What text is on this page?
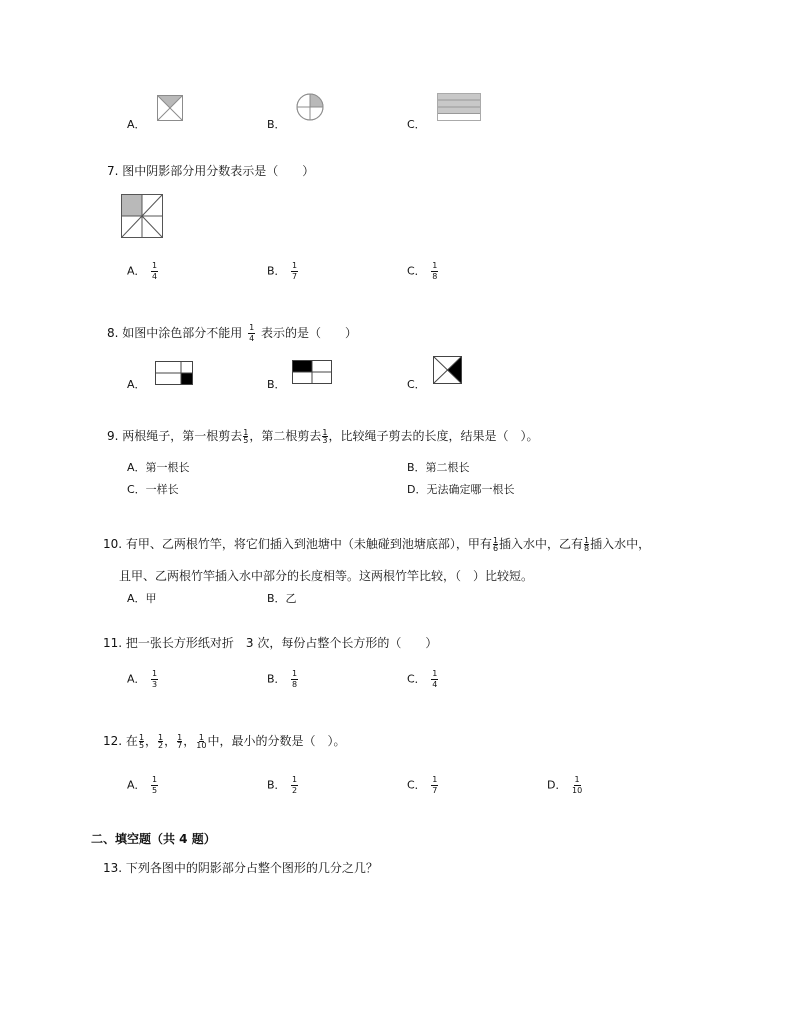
A．	B．	C．
7. 图中阴影部分用分数表示是（　　）
A． $\frac{1}{4}$	B． $\frac{1}{7}$	C． $\frac{1}{8}$
8. 如图中涂色部分不能用 $\frac{1}{4}$ 表示的是（　　）
A．	B．	C．
9. 两根绳子，第一根剪去 $\frac{1}{5}$ ，第二根剪去 $\frac{1}{3}$ ，比较绳子剪去的长度，结果是（　）。
A．第一根长	B．第二根长
C．一样长	D．无法确定哪一根长
10. 有甲、乙两根竹竿，将它们插入到池塘中（未触碰到池塘底部），甲有 $\frac{1}{6}$ 插入水中，乙有 $\frac{1}{8}$ 插入水中，
且甲、乙两根竹竿插入水中部分的长度相等。这两根竹竿比较，（　）比较短。
A．甲	B．乙
11. 把一张长方形纸对折　3 次，每份占整个长方形的（　　）
A． $\frac{1}{3}$	B． $\frac{1}{8}$	C． $\frac{1}{4}$
12. 在 $\frac{1}{5}$ ， $\frac{1}{2}$ ， $\frac{1}{7}$ ， $\frac{1}{10}$ 中，最小的分数是（　）。
A． $\frac{1}{5}$	B． $\frac{1}{2}$	C． $\frac{1}{7}$	D． $\frac{1}{10}$
二、填空题（共 4 题）
13. 下列各图中的阴影部分占整个图形的几分之几？
